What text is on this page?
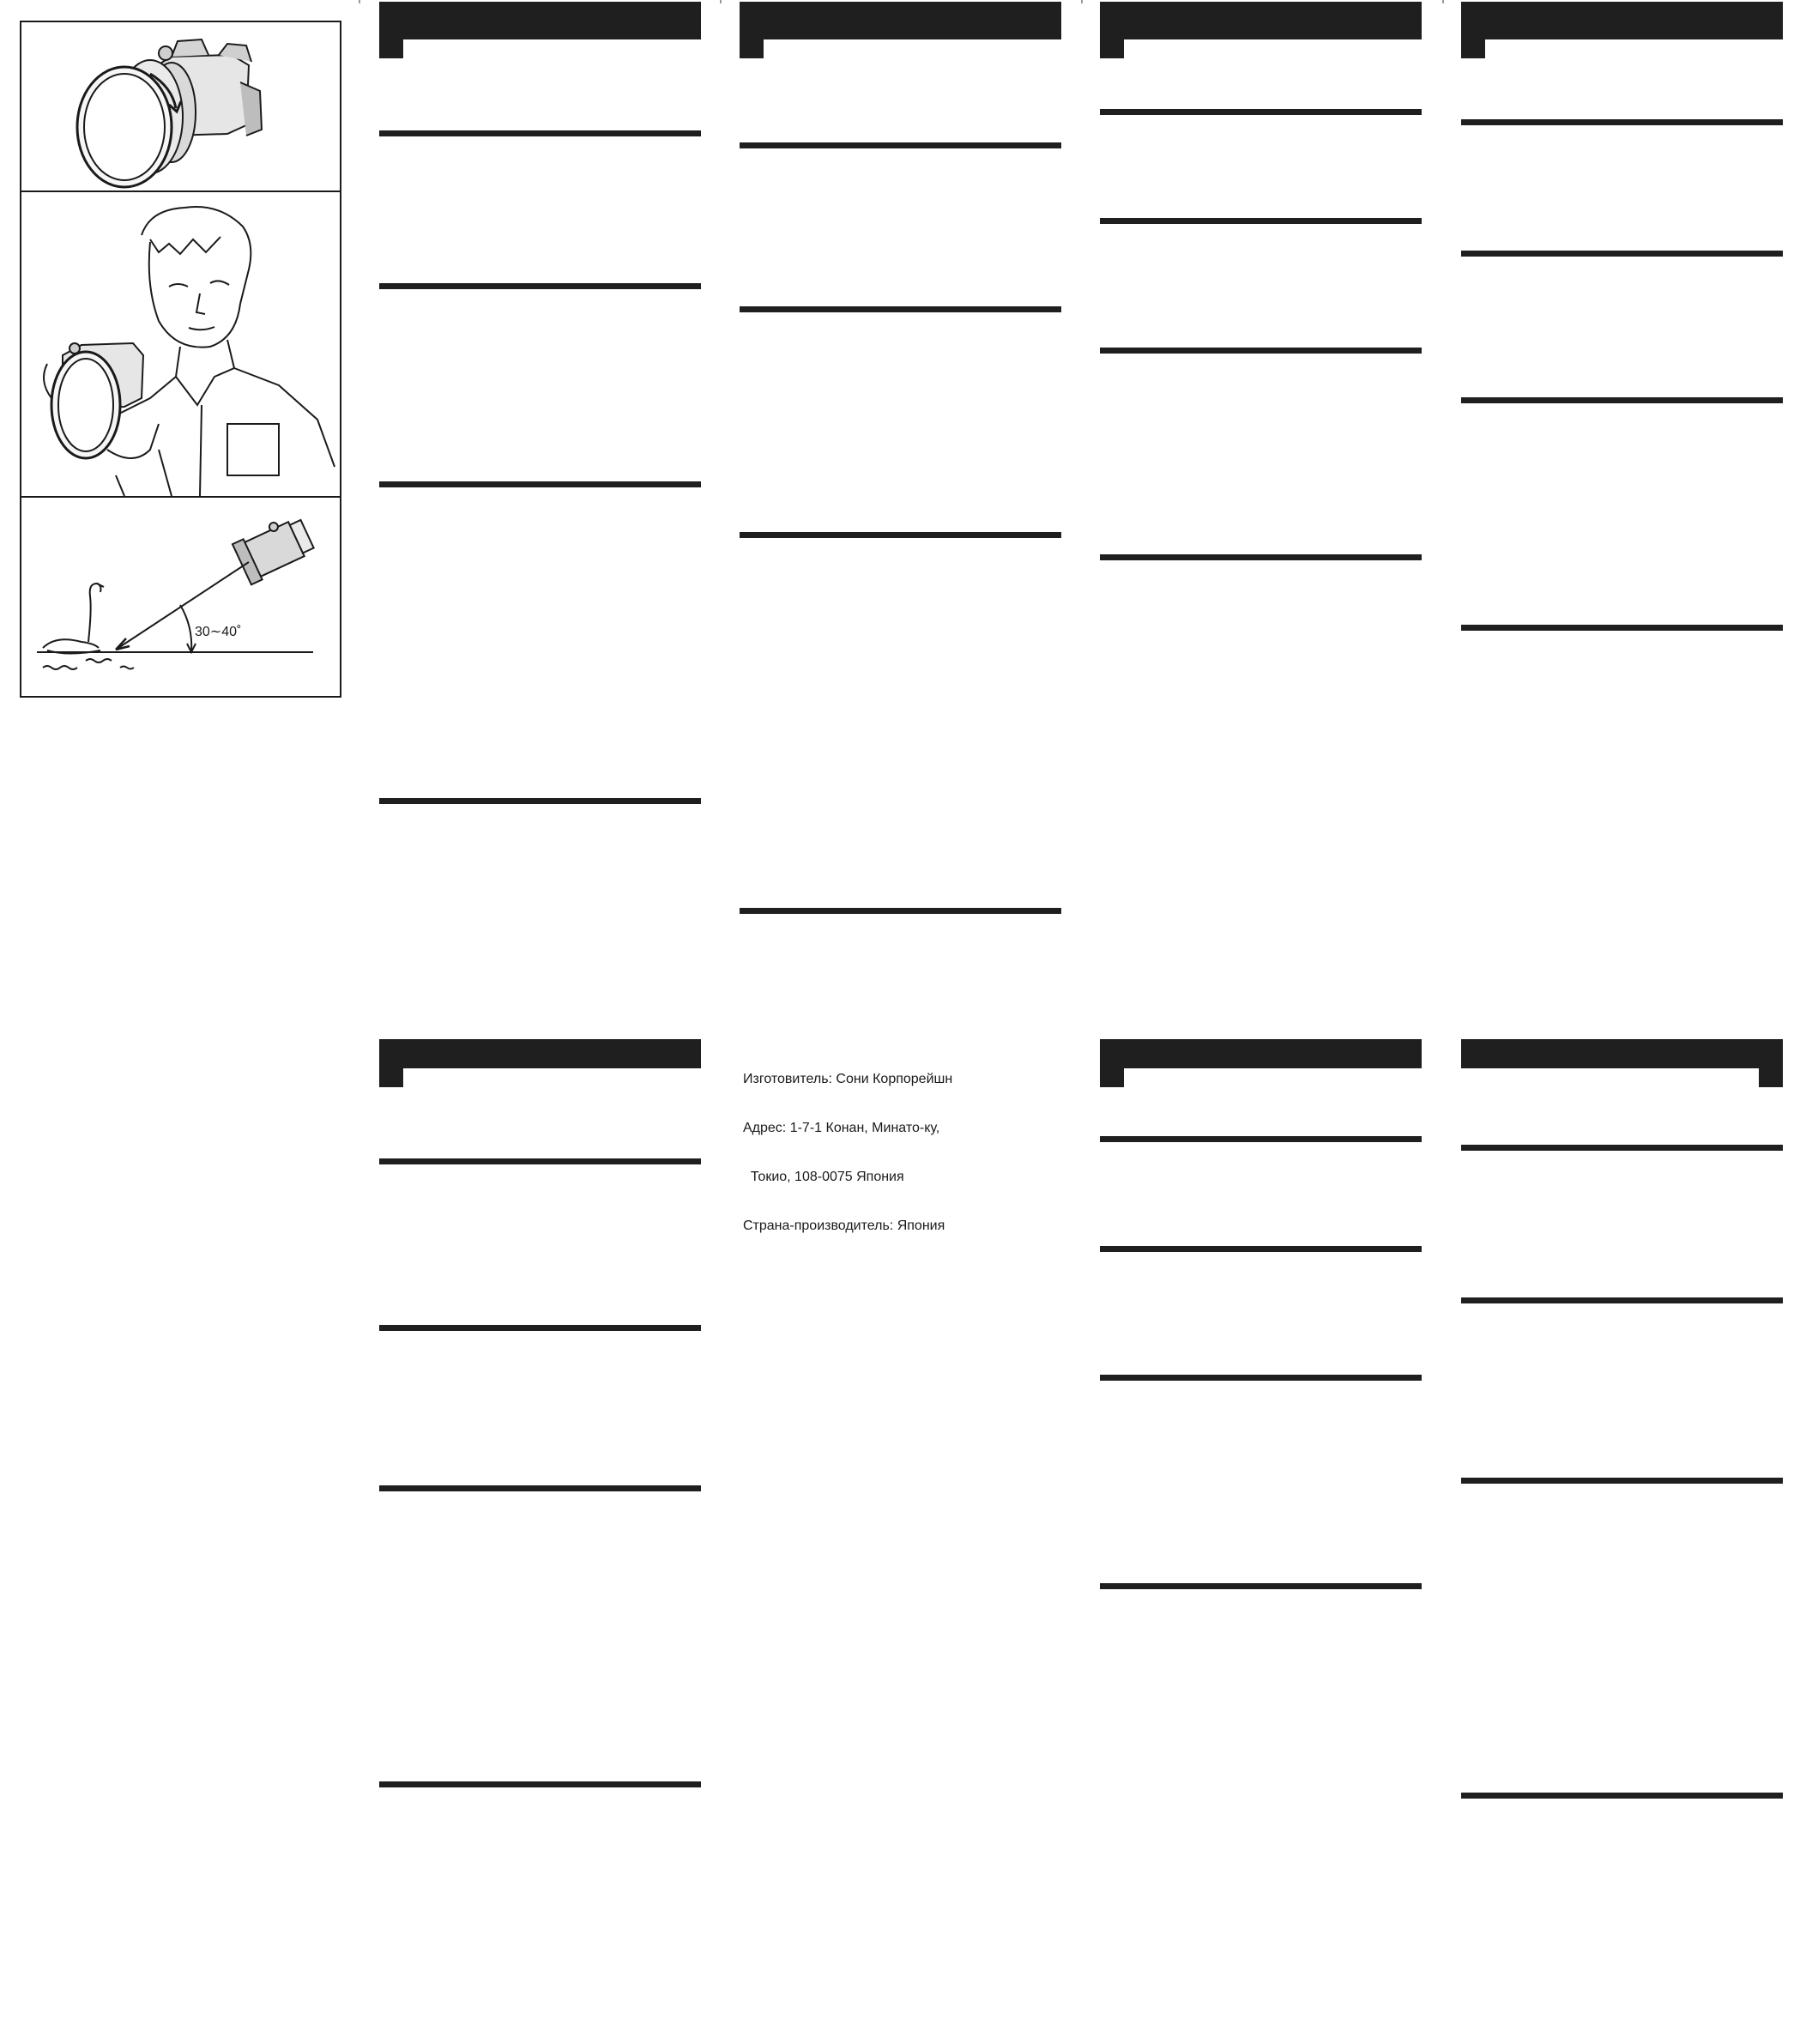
30∼40˚

Изготовитель: Сони Корпорейшн

Адрес: 1-7-1 Конан, Минато-ку,

Токио, 108-0075 Япония

Страна-производитель: Япония
